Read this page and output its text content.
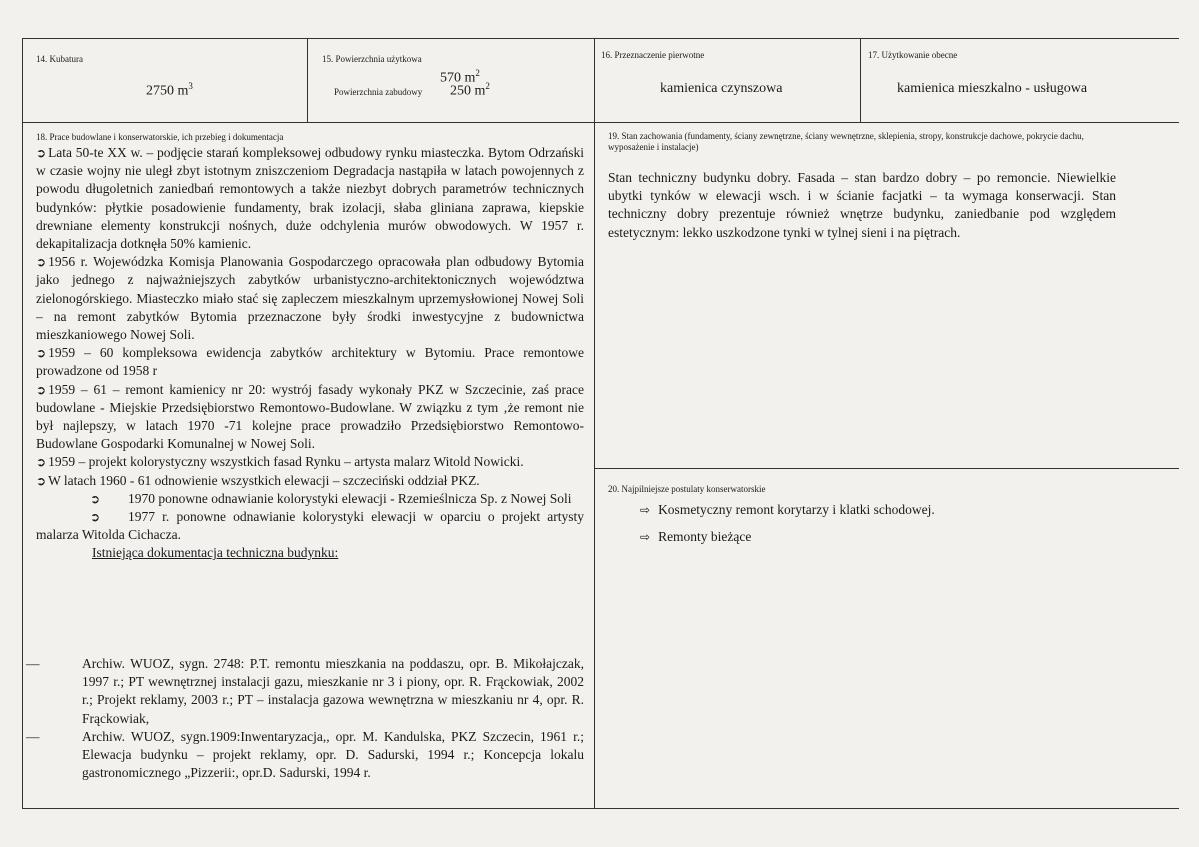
14. Kubatura
2750 $m^3$
15. Powierzchnia użytkowa
570 $m^2$
Powierzchnia zabudowy 250 $m^2$
16. Przeznaczenie pierwotne
kamienica czynszowa
17. Użytkowanie obecne
kamienica mieszkalno - usługowa
18. Prace budowlane i konserwatorskie, ich przebieg i dokumentacja
➲ Lata 50-te XX w. – podjęcie starań kompleksowej odbudowy rynku miasteczka. Bytom Odrzański w czasie wojny nie uległ zbyt istotnym zniszczeniom Degradacja nastąpiła w latach powojennych z powodu długoletnich zaniedbań remontowych a także niezbyt dobrych parametrów technicznych budynków: płytkie posadowienie fundamenty, brak izolacji, słaba gliniana zaprawa, kiepskie drewniane elementy konstrukcji nośnych, duże odchylenia murów obwodowych. W 1957 r. dekapitalizacja dotknęła 50% kamienic.
➲ 1956 r. Wojewódzka Komisja Planowania Gospodarczego opracowała plan odbudowy Bytomia jako jednego z najważniejszych zabytków urbanistyczno-architektonicznych województwa zielonogórskiego. Miasteczko miało stać się zapleczem mieszkalnym uprzemysłowionej Nowej Soli – na remont zabytków Bytomia przeznaczone były środki inwestycyjne z budownictwa mieszkaniowego Nowej Soli.
➲ 1959 – 60 kompleksowa ewidencja zabytków architektury w Bytomiu. Prace remontowe prowadzone od 1958 r
➲ 1959 – 61 – remont kamienicy nr 20: wystrój fasady wykonały PKZ w Szczecinie, zaś prace budowlane - Miejskie Przedsiębiorstwo Remontowo-Budowlane. W związku z tym ‚że remont nie był najlepszy, w latach 1970 -71 kolejne prace prowadziło Przedsiębiorstwo Remontowo- Budowlane Gospodarki Komunalnej w Nowej Soli.
➲ 1959 – projekt kolorystyczny wszystkich fasad Rynku – artysta malarz Witold Nowicki.
➲ W latach 1960 - 61 odnowienie wszystkich elewacji – szczeciński oddział PKZ.
➲ 1970 ponowne odnawianie kolorystyki elewacji - Rzemieślnicza Sp. z Nowej Soli
➲ 1977 r. ponowne odnawianie kolorystyki elewacji w oparciu o projekt artysty malarza Witolda Cichacza.
Istniejąca dokumentacja techniczna budynku:
—	Archiw. WUOZ, sygn. 2748: P.T. remontu mieszkania na poddaszu, opr. B. Mikołajczak, 1997 r.; PT wewnętrznej instalacji gazu, mieszkanie nr 3 i piony, opr. R. Frąckowiak, 2002 r.; Projekt reklamy, 2003 r.; PT – instalacja gazowa wewnętrzna w mieszkaniu nr 4, opr. R. Frąckowiak,
—	Archiw. WUOZ, sygn.1909:Inwentaryzacja,, opr. M. Kandulska, PKZ Szczecin, 1961 r.; Elewacja budynku – projekt reklamy, opr. D. Sadurski, 1994 r.; Koncepcja lokalu gastronomicznego „Pizzerii:, opr.D. Sadurski, 1994 r.
19. Stan zachowania (fundamenty, ściany zewnętrzne, ściany wewnętrzne, sklepienia, stropy, konstrukcje dachowe, pokrycie dachu, wyposażenie i instalacje)
Stan techniczny budynku dobry. Fasada – stan bardzo dobry – po remoncie. Niewielkie ubytki tynków w elewacji wsch. i w ścianie facjatki – ta wymaga konserwacji. Stan techniczny dobry prezentuje również wnętrze budynku, zaniedbanie pod względem estetycznym: lekko uszkodzone tynki w tylnej sieni i na piętrach.
20. Najpilniejsze postulaty konserwatorskie
⇨ Kosmetyczny remont korytarzy i klatki schodowej.
⇨ Remonty bieżące
